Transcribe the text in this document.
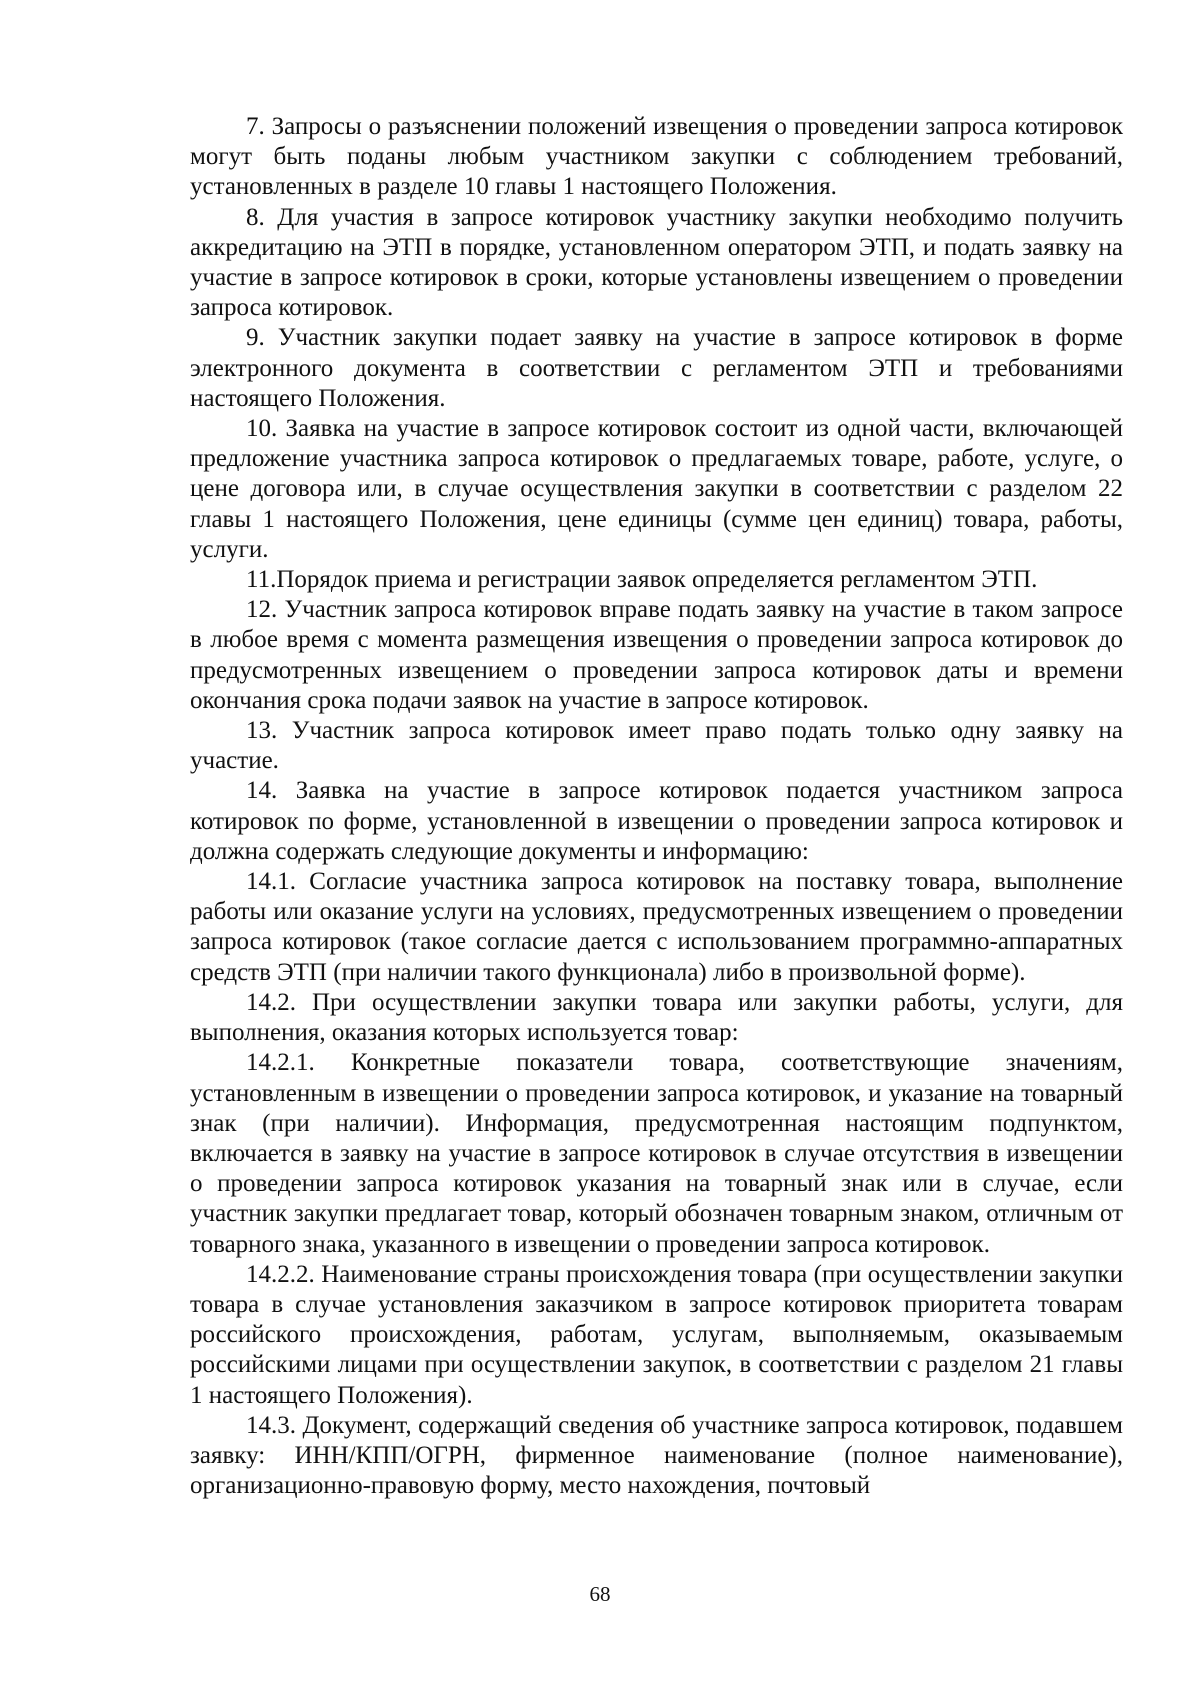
7. Запросы о разъяснении положений извещения о проведении запроса котировок могут быть поданы любым участником закупки с соблюдением требований, установленных в разделе 10 главы 1 настоящего Положения.

8. Для участия в запросе котировок участнику закупки необходимо получить аккредитацию на ЭТП в порядке, установленном оператором ЭТП, и подать заявку на участие в запросе котировок в сроки, которые установлены извещением о проведении запроса котировок.

9. Участник закупки подает заявку на участие в запросе котировок в форме электронного документа в соответствии с регламентом ЭТП и требованиями настоящего Положения.

10. Заявка на участие в запросе котировок состоит из одной части, включающей предложение участника запроса котировок о предлагаемых товаре, работе, услуге, о цене договора или, в случае осуществления закупки в соответствии с разделом 22 главы 1 настоящего Положения, цене единицы (сумме цен единиц) товара, работы, услуги.

11.Порядок приема и регистрации заявок определяется регламентом ЭТП.

12. Участник запроса котировок вправе подать заявку на участие в таком запросе в любое время с момента размещения извещения о проведении запроса котировок до предусмотренных извещением о проведении запроса котировок даты и времени окончания срока подачи заявок на участие в запросе котировок.

13. Участник запроса котировок имеет право подать только одну заявку на участие.

14. Заявка на участие в запросе котировок подается участником запроса котировок по форме, установленной в извещении о проведении запроса котировок и должна содержать следующие документы и информацию:

14.1. Согласие участника запроса котировок на поставку товара, выполнение работы или оказание услуги на условиях, предусмотренных извещением о проведении запроса котировок (такое согласие дается с использованием программно-аппаратных средств ЭТП (при наличии такого функционала) либо в произвольной форме).

14.2. При осуществлении закупки товара или закупки работы, услуги, для выполнения, оказания которых используется товар:

14.2.1. Конкретные показатели товара, соответствующие значениям, установленным в извещении о проведении запроса котировок, и указание на товарный знак (при наличии). Информация, предусмотренная настоящим подпунктом, включается в заявку на участие в запросе котировок в случае отсутствия в извещении о проведении запроса котировок указания на товарный знак или в случае, если участник закупки предлагает товар, который обозначен товарным знаком, отличным от товарного знака, указанного в извещении о проведении запроса котировок.

14.2.2. Наименование страны происхождения товара (при осуществлении закупки товара в случае установления заказчиком в запросе котировок приоритета товарам российского происхождения, работам, услугам, выполняемым, оказываемым российскими лицами при осуществлении закупок, в соответствии с разделом 21 главы 1 настоящего Положения).

14.3. Документ, содержащий сведения об участнике запроса котировок, подавшем заявку: ИНН/КПП/ОГРН, фирменное наименование (полное наименование), организационно-правовую форму, место нахождения, почтовый

68
